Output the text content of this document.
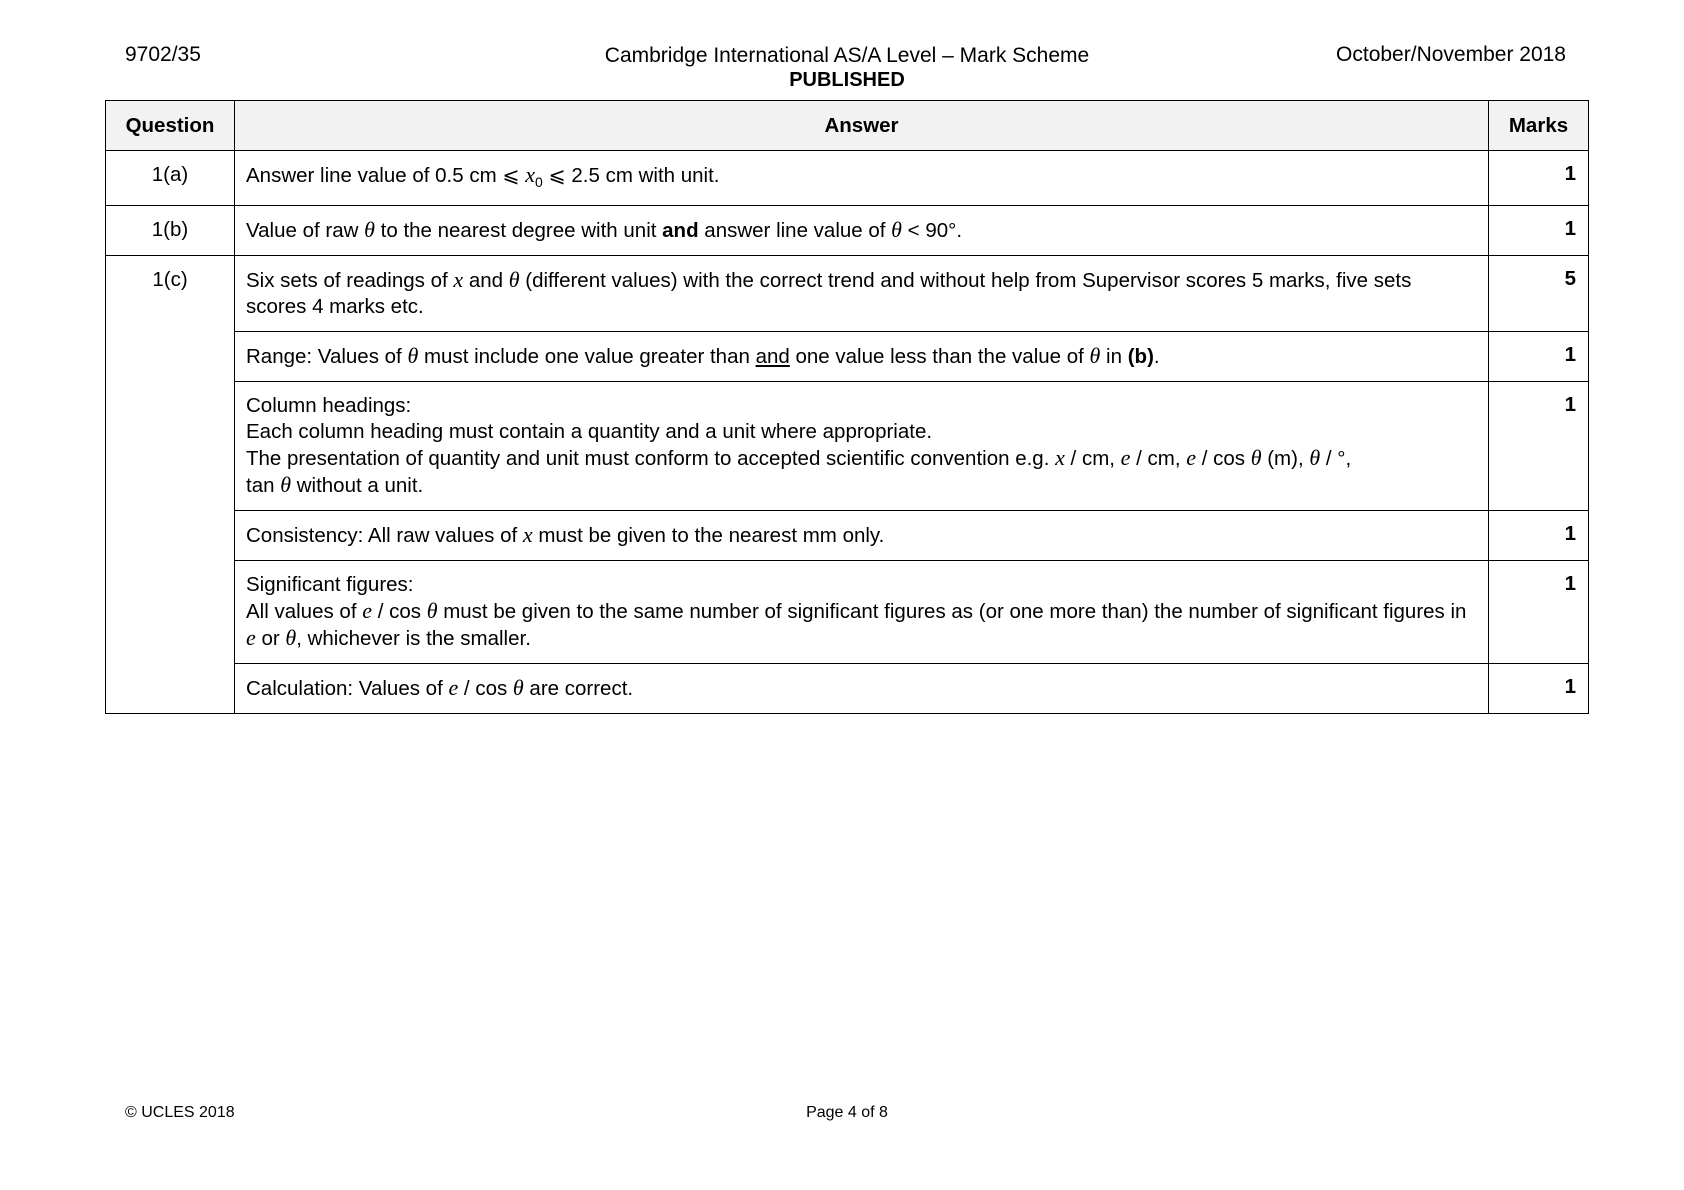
9702/35	Cambridge International AS/A Level – Mark Scheme
PUBLISHED
October/November 2018
Question	Answer	Marks
1(a)	Answer line value of 0.5 cm ⩽ $x_0$ ⩽ 2.5 cm with unit.	1
1(b)	Value of raw θ to the nearest degree with unit and answer line value of θ < 90°.	1
1(c)	Six sets of readings of x and θ (different values) with the correct trend and without help from Supervisor scores 5 marks, five sets scores 4 marks etc.	5
	Range: Values of θ must include one value greater than and one value less than the value of θ in (b).	1

	Column headings:
Each column heading must contain a quantity and a unit where appropriate.
The presentation of quantity and unit must conform to accepted scientific convention e.g. x / cm, e / cm, e / cos θ (m), θ / °,
tan θ without a unit.	1
	Consistency: All raw values of x must be given to the nearest mm only.	1

	Significant figures:
All values of e / cos θ must be given to the same number of significant figures as (or one more than) the number of significant figures in e or θ, whichever is the smaller.	1
	Calculation: Values of e / cos θ are correct.	1
© UCLES 2018	Page 4 of 8
